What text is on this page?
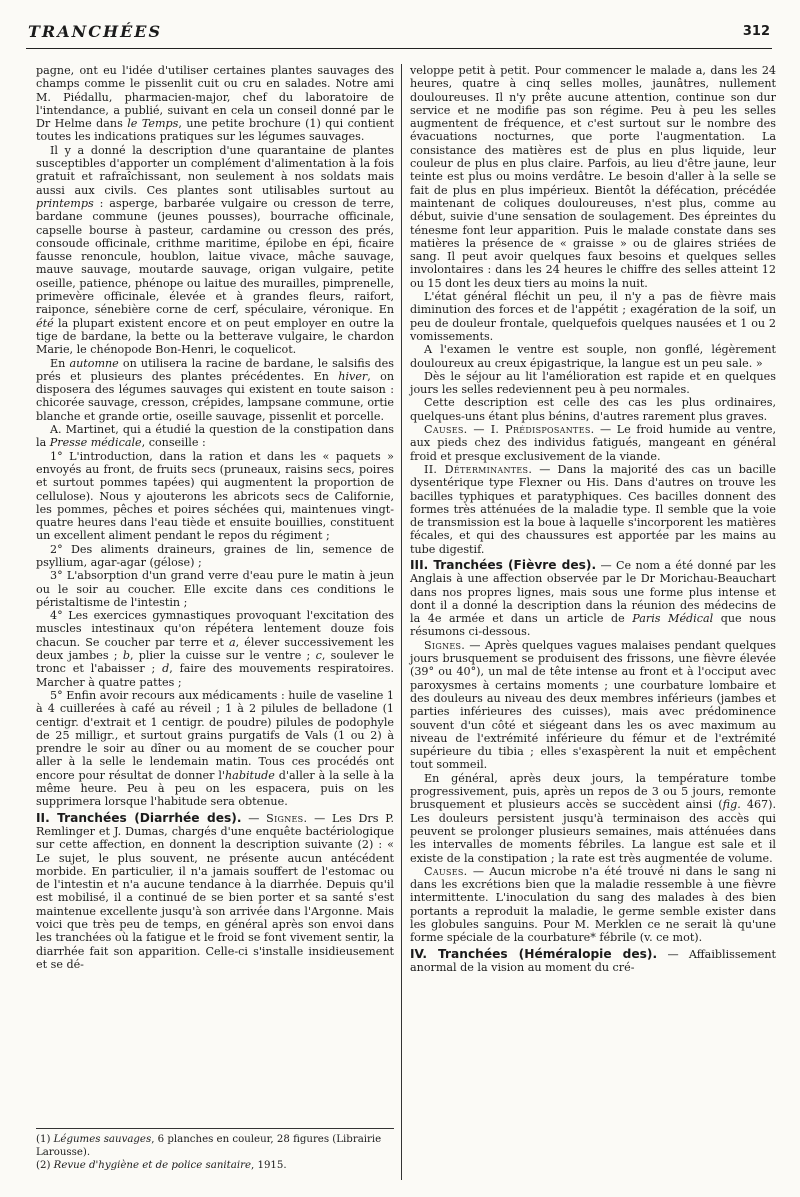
TRANCHÉES	312

pagne, ont eu l'idée d'utiliser certaines plantes sauvages des champs comme le pissenlit cuit ou cru en salades. Notre ami M. Piédallu, pharmacien-major, chef du laboratoire de l'intendance, a publié, suivant en cela un conseil donné par le Dr Helme dans le Temps, une petite brochure (1) qui contient toutes les indications pratiques sur les légumes sauvages.

Il y a donné la description d'une quarantaine de plantes susceptibles d'apporter un complément d'alimentation à la fois gratuit et rafraîchissant, non seulement à nos soldats mais aussi aux civils. Ces plantes sont utilisables surtout au printemps : asperge, barbarée vulgaire ou cresson de terre, bardane commune (jeunes pousses), bourrache officinale, capselle bourse à pasteur, cardamine ou cresson des prés, consoude officinale, crithme maritime, épilobe en épi, ficaire fausse renoncule, houblon, laitue vivace, mâche sauvage, mauve sauvage, moutarde sauvage, origan vulgaire, petite oseille, patience, phénope ou laitue des murailles, pimprenelle, primevère officinale, élevée et à grandes fleurs, raifort, raiponce, sénebière corne de cerf, spéculaire, véronique. En été la plupart existent encore et on peut employer en outre la tige de bardane, la bette ou la betterave vulgaire, le chardon Marie, le chénopode Bon-Henri, le coquelicot.

En automne on utilisera la racine de bardane, le salsifis des prés et plusieurs des plantes précédentes. En hiver, on disposera des légumes sauvages qui existent en toute saison : chicorée sauvage, cresson, crépides, lampsane commune, ortie blanche et grande ortie, oseille sauvage, pissenlit et porcelle.

A. Martinet, qui a étudié la question de la constipation dans la Presse médicale, conseille :

1° L'introduction, dans la ration et dans les « paquets » envoyés au front, de fruits secs (pruneaux, raisins secs, poires et surtout pommes tapées) qui augmentent la proportion de cellulose). Nous y ajouterons les abricots secs de Californie, les pommes, pêches et poires séchées qui, maintenues vingt-quatre heures dans l'eau tiède et ensuite bouillies, constituent un excellent aliment pendant le repos du régiment ;

2° Des aliments draineurs, graines de lin, semence de psyllium, agar-agar (gélose) ;

3° L'absorption d'un grand verre d'eau pure le matin à jeun ou le soir au coucher. Elle excite dans ces conditions le péristaltisme de l'intestin ;

4° Les exercices gymnastiques provoquant l'excitation des muscles intestinaux qu'on répétera lentement douze fois chacun. Se coucher par terre et a, élever successivement les deux jambes ; b, plier la cuisse sur le ventre ; c, soulever le tronc et l'abaisser ; d, faire des mouvements respiratoires. Marcher à quatre pattes ;

5° Enfin avoir recours aux médicaments : huile de vaseline 1 à 4 cuillerées à café au réveil ; 1 à 2 pilules de belladone (1 centigr. d'extrait et 1 centigr. de poudre) pilules de podophyle de 25 milligr., et surtout grains purgatifs de Vals (1 ou 2) à prendre le soir au dîner ou au moment de se coucher pour aller à la selle le lendemain matin. Tous ces procédés ont encore pour résultat de donner l'habitude d'aller à la selle à la même heure. Peu à peu on les espacera, puis on les supprimera lorsque l'habitude sera obtenue.

II. Tranchées (Diarrhée des). — Signes. — Les Drs P. Remlinger et J. Dumas, chargés d'une enquête bactériologique sur cette affection, en donnent la description suivante (2) : « Le sujet, le plus souvent, ne présente aucun antécédent morbide. En particulier, il n'a jamais souffert de l'estomac ou de l'intestin et n'a aucune tendance à la diarrhée. Depuis qu'il est mobilisé, il a continué de se bien porter et sa santé s'est maintenue excellente jusqu'à son arrivée dans l'Argonne. Mais voici que très peu de temps, en général après son envoi dans les tranchées où la fatigue et le froid se font vivement sentir, la diarrhée fait son apparition. Celle-ci s'installe insidieusement et se dé-

veloppe petit à petit. Pour commencer le malade a, dans les 24 heures, quatre à cinq selles molles, jaunâtres, nullement douloureuses. Il n'y prête aucune attention, continue son dur service et ne modifie pas son régime. Peu à peu les selles augmentent de fréquence, et c'est surtout sur le nombre des évacuations nocturnes, que porte l'augmentation. La consistance des matières est de plus en plus liquide, leur couleur de plus en plus claire. Parfois, au lieu d'être jaune, leur teinte est plus ou moins verdâtre. Le besoin d'aller à la selle se fait de plus en plus impérieux. Bientôt la défécation, précédée maintenant de coliques douloureuses, n'est plus, comme au début, suivie d'une sensation de soulagement. Des épreintes du ténesme font leur apparition. Puis le malade constate dans ses matières la présence de « graisse » ou de glaires striées de sang. Il peut avoir quelques faux besoins et quelques selles involontaires : dans les 24 heures le chiffre des selles atteint 12 ou 15 dont les deux tiers au moins la nuit.

L'état général fléchit un peu, il n'y a pas de fièvre mais diminution des forces et de l'appétit ; exagération de la soif, un peu de douleur frontale, quelquefois quelques nausées et 1 ou 2 vomissements.

A l'examen le ventre est souple, non gonflé, légèrement douloureux au creux épigastrique, la langue est un peu sale. »

Dès le séjour au lit l'amélioration est rapide et en quelques jours les selles redeviennent peu à peu normales.

Cette description est celle des cas les plus ordinaires, quelques-uns étant plus bénins, d'autres rarement plus graves.

Causes. — I. Prédisposantes. — Le froid humide au ventre, aux pieds chez des individus fatigués, mangeant en général froid et presque exclusivement de la viande.

II. Déterminantes. — Dans la majorité des cas un bacille dysentérique type Flexner ou His. Dans d'autres on trouve les bacilles typhiques et paratyphiques. Ces bacilles donnent des formes très atténuées de la maladie type. Il semble que la voie de transmission est la boue à laquelle s'incorporent les matières fécales, et qui des chaussures est apportée par les mains au tube digestif.

III. Tranchées (Fièvre des). — Ce nom a été donné par les Anglais à une affection observée par le Dr Morichau-Beauchart dans nos propres lignes, mais sous une forme plus intense et dont il a donné la description dans la réunion des médecins de la 4e armée et dans un article de Paris Médical que nous résumons ci-dessous.

Signes. — Après quelques vagues malaises pendant quelques jours brusquement se produisent des frissons, une fièvre élevée (39° ou 40°), un mal de tête intense au front et à l'occiput avec paroxysmes à certains moments ; une courbature lombaire et des douleurs au niveau des deux membres inférieurs (jambes et parties inférieures des cuisses), mais avec prédominence souvent d'un côté et siégeant dans les os avec maximum au niveau de l'extrémité inférieure du fémur et de l'extrémité supérieure du tibia ; elles s'exaspèrent la nuit et empêchent tout sommeil.

En général, après deux jours, la température tombe progressivement, puis, après un repos de 3 ou 5 jours, remonte brusquement et plusieurs accès se succèdent ainsi (fig. 467). Les douleurs persistent jusqu'à terminaison des accès qui peuvent se prolonger plusieurs semaines, mais atténuées dans les intervalles de moments fébriles. La langue est sale et il existe de la constipation ; la rate est très augmentée de volume.

Causes. — Aucun microbe n'a été trouvé ni dans le sang ni dans les excrétions bien que la maladie ressemble à une fièvre intermittente. L'inoculation du sang des malades à des bien portants a reproduit la maladie, le germe semble exister dans les globules sanguins. Pour M. Merklen ce ne serait là qu'une forme spéciale de la courbature* fébrile (v. ce mot).

IV. Tranchées (Héméralopie des). — Affaiblissement anormal de la vision au moment du cré-

(1) Légumes sauvages, 6 planches en couleur, 28 figures (Librairie Larousse).

(2) Revue d'hygiène et de police sanitaire, 1915.
